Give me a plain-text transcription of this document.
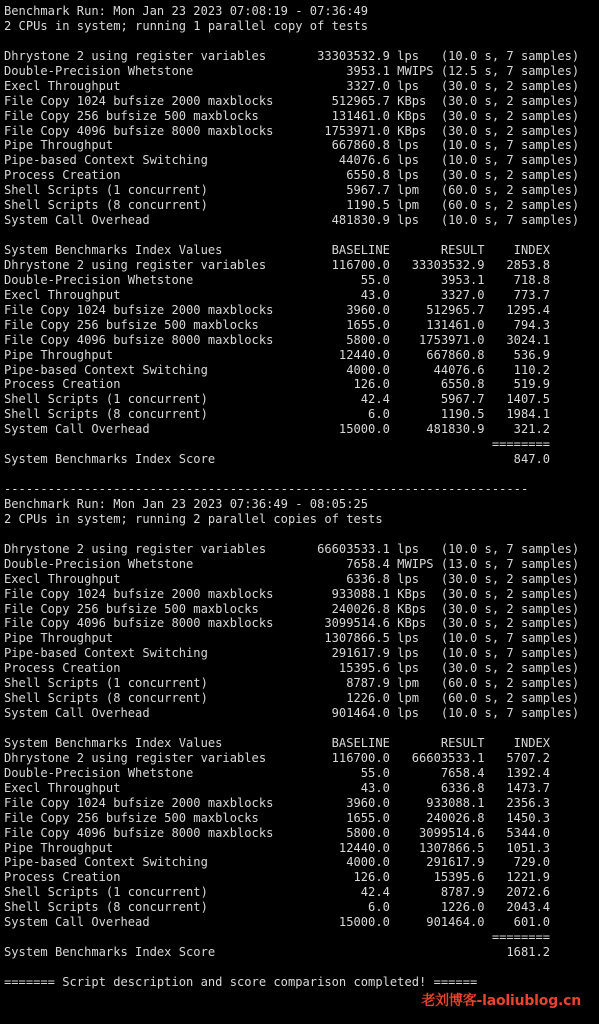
Benchmark Run: Mon Jan 23 2023 07:08:19 - 07:36:49
2 CPUs in system; running 1 parallel copy of tests

Dhrystone 2 using register variables       33303532.9 lps   (10.0 s, 7 samples)
Double-Precision Whetstone                     3953.1 MWIPS (12.5 s, 7 samples)
Execl Throughput                               3327.0 lps   (30.0 s, 2 samples)
File Copy 1024 bufsize 2000 maxblocks        512965.7 KBps  (30.0 s, 2 samples)
File Copy 256 bufsize 500 maxblocks          131461.0 KBps  (30.0 s, 2 samples)
File Copy 4096 bufsize 8000 maxblocks       1753971.0 KBps  (30.0 s, 2 samples)
Pipe Throughput                              667860.8 lps   (10.0 s, 7 samples)
Pipe-based Context Switching                  44076.6 lps   (10.0 s, 7 samples)
Process Creation                               6550.8 lps   (30.0 s, 2 samples)
Shell Scripts (1 concurrent)                   5967.7 lpm   (60.0 s, 2 samples)
Shell Scripts (8 concurrent)                   1190.5 lpm   (60.0 s, 2 samples)
System Call Overhead                         481830.9 lps   (10.0 s, 7 samples)

System Benchmarks Index Values               BASELINE       RESULT    INDEX
Dhrystone 2 using register variables         116700.0   33303532.9   2853.8
Double-Precision Whetstone                       55.0       3953.1    718.8
Execl Throughput                                 43.0       3327.0    773.7
File Copy 1024 bufsize 2000 maxblocks          3960.0     512965.7   1295.4
File Copy 256 bufsize 500 maxblocks            1655.0     131461.0    794.3
File Copy 4096 bufsize 8000 maxblocks          5800.0    1753971.0   3024.1
Pipe Throughput                               12440.0     667860.8    536.9
Pipe-based Context Switching                   4000.0      44076.6    110.2
Process Creation                                126.0       6550.8    519.9
Shell Scripts (1 concurrent)                     42.4       5967.7   1407.5
Shell Scripts (8 concurrent)                      6.0       1190.5   1984.1
System Call Overhead                          15000.0     481830.9    321.2
========
System Benchmarks Index Score                                         847.0

------------------------------------------------------------------------
Benchmark Run: Mon Jan 23 2023 07:36:49 - 08:05:25
2 CPUs in system; running 2 parallel copies of tests

Dhrystone 2 using register variables       66603533.1 lps   (10.0 s, 7 samples)
Double-Precision Whetstone                     7658.4 MWIPS (13.0 s, 7 samples)
Execl Throughput                               6336.8 lps   (30.0 s, 2 samples)
File Copy 1024 bufsize 2000 maxblocks        933088.1 KBps  (30.0 s, 2 samples)
File Copy 256 bufsize 500 maxblocks          240026.8 KBps  (30.0 s, 2 samples)
File Copy 4096 bufsize 8000 maxblocks       3099514.6 KBps  (30.0 s, 2 samples)
Pipe Throughput                             1307866.5 lps   (10.0 s, 7 samples)
Pipe-based Context Switching                 291617.9 lps   (10.0 s, 7 samples)
Process Creation                              15395.6 lps   (30.0 s, 2 samples)
Shell Scripts (1 concurrent)                   8787.9 lpm   (60.0 s, 2 samples)
Shell Scripts (8 concurrent)                   1226.0 lpm   (60.0 s, 2 samples)
System Call Overhead                         901464.0 lps   (10.0 s, 7 samples)

System Benchmarks Index Values               BASELINE       RESULT    INDEX
Dhrystone 2 using register variables         116700.0   66603533.1   5707.2
Double-Precision Whetstone                       55.0       7658.4   1392.4
Execl Throughput                                 43.0       6336.8   1473.7
File Copy 1024 bufsize 2000 maxblocks          3960.0     933088.1   2356.3
File Copy 256 bufsize 500 maxblocks            1655.0     240026.8   1450.3
File Copy 4096 bufsize 8000 maxblocks          5800.0    3099514.6   5344.0
Pipe Throughput                               12440.0    1307866.5   1051.3
Pipe-based Context Switching                   4000.0     291617.9    729.0
Process Creation                                126.0      15395.6   1221.9
Shell Scripts (1 concurrent)                     42.4       8787.9   2072.6
Shell Scripts (8 concurrent)                      6.0       1226.0   2043.4
System Call Overhead                          15000.0     901464.0    601.0
========
System Benchmarks Index Score                                        1681.2

======= Script description and score comparison completed! ======
老刘博客-laoliublog.cn
